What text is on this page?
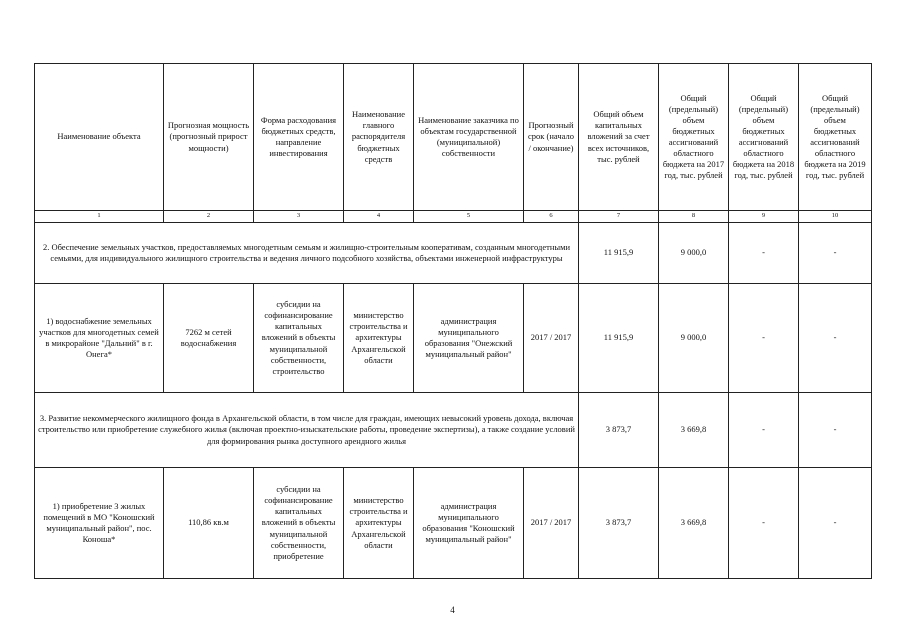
Наименование объекта	Прогнозная мощность (прогнозный прирост мощности)	Форма расходования бюджетных средств, направление инвестирования	Наименование главного распорядителя бюджетных средств	Наименование заказчика по объектам государственной (муниципальной) собственности	Прогнозный срок (начало / окончание)	Общий объем капитальных вложений за счет всех источников, тыс. рублей	Общий (предельный) объем бюджетных ассигнований областного бюджета на 2017 год, тыс. рублей	Общий (предельный) объем бюджетных ассигнований областного бюджета на 2018 год, тыс. рублей	Общий (предельный) объем бюджетных ассигнований областного бюджета на 2019 год, тыс. рублей
1	2	3	4	5	6	7	8	9	10
2. Обеспечение земельных участков, предоставляемых многодетным семьям и жилищно-строительным кооперативам, созданным многодетными семьями, для индивидуального жилищного строительства и ведения личного подсобного хозяйства, объектами инженерной инфраструктуры						11 915,9	9 000,0	-	-
1) водоснабжение земельных участков для многодетных семей в микрорайоне "Дальний" в г. Онега*	7262 м сетей водоснабжения	субсидии на софинансирование капитальных вложений в объекты муниципальной собственности, строительство	министерство строительства и архитектуры Архангельской области	администрация муниципального образования "Онежский муниципальный район"	2017 / 2017	11 915,9	9 000,0	-	-
3. Развитие некоммерческого жилищного фонда в Архангельской области, в том числе для граждан, имеющих невысокий уровень дохода, включая строительство или приобретение служебного жилья (включая проектно-изыскательские работы, проведение экспертизы), а также создание условий для формирования рынка доступного арендного жилья						3 873,7	3 669,8	-	-
1) приобретение 3 жилых помещений в МО "Коношский муниципальный район", пос. Коноша*	110,86 кв.м	субсидии на софинансирование капитальных вложений в объекты муниципальной собственности, приобретение	министерство строительства и архитектуры Архангельской области	администрация муниципального образования "Коношский муниципальный район"	2017 / 2017	3 873,7	3 669,8	-	-
4
